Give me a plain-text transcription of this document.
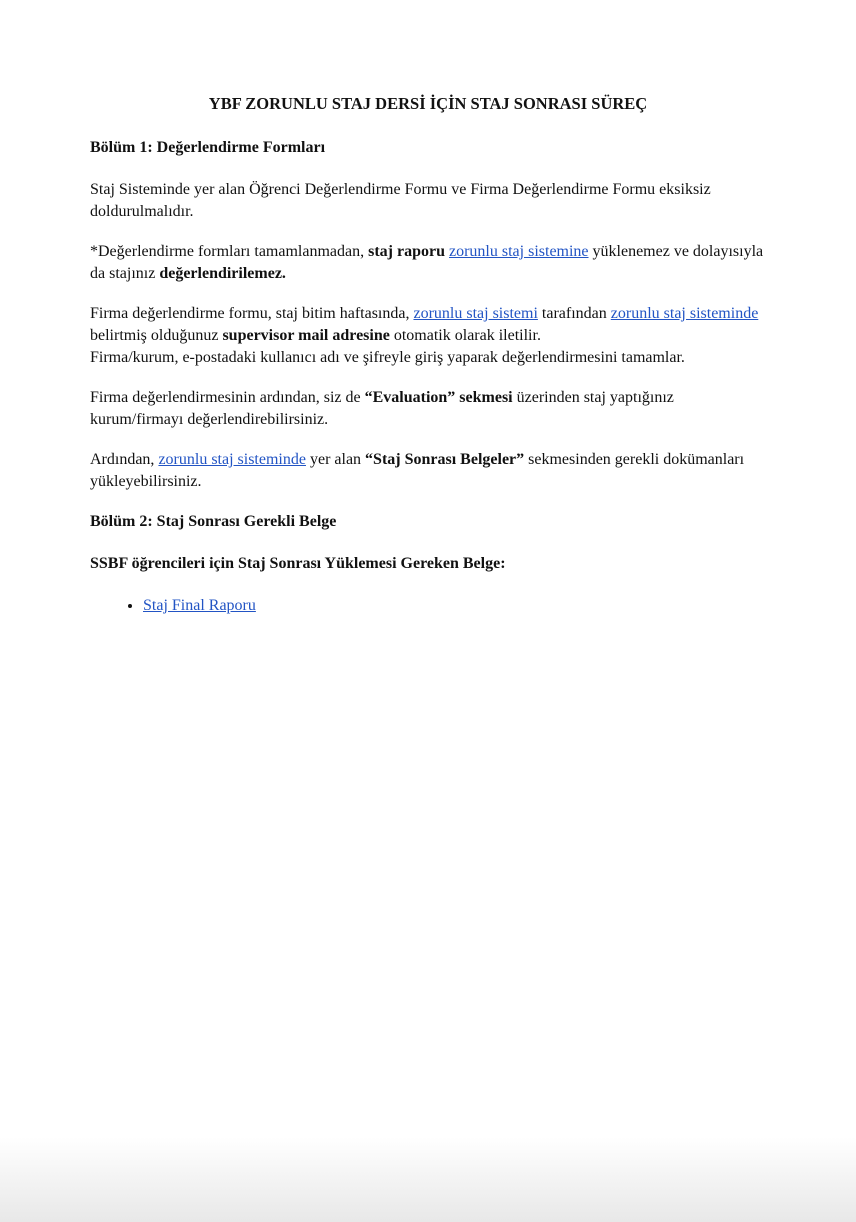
YBF ZORUNLU STAJ DERSİ İÇİN STAJ SONRASI SÜREÇ
Bölüm 1: Değerlendirme Formları

Staj Sisteminde yer alan Öğrenci Değerlendirme Formu ve Firma Değerlendirme Formu eksiksiz doldurulmalıdır.

*Değerlendirme formları tamamlanmadan, staj raporu zorunlu staj sistemine yüklenemez ve dolayısıyla da stajınız değerlendirilemez.

Firma değerlendirme formu, staj bitim haftasında, zorunlu staj sistemi tarafından zorunlu staj sisteminde belirtmiş olduğunuz supervisor mail adresine otomatik olarak iletilir.
Firma/kurum, e-postadaki kullanıcı adı ve şifreyle giriş yaparak değerlendirmesini tamamlar.

Firma değerlendirmesinin ardından, siz de “Evaluation” sekmesi üzerinden staj yaptığınız kurum/firmayı değerlendirebilirsiniz.

Ardından, zorunlu staj sisteminde yer alan “Staj Sonrası Belgeler” sekmesinden gerekli dokümanları yükleyebilirsiniz.

Bölüm 2: Staj Sonrası Gerekli Belge
SSBF öğrencileri için Staj Sonrası Yüklemesi Gereken Belge:
• Staj Final Raporu
